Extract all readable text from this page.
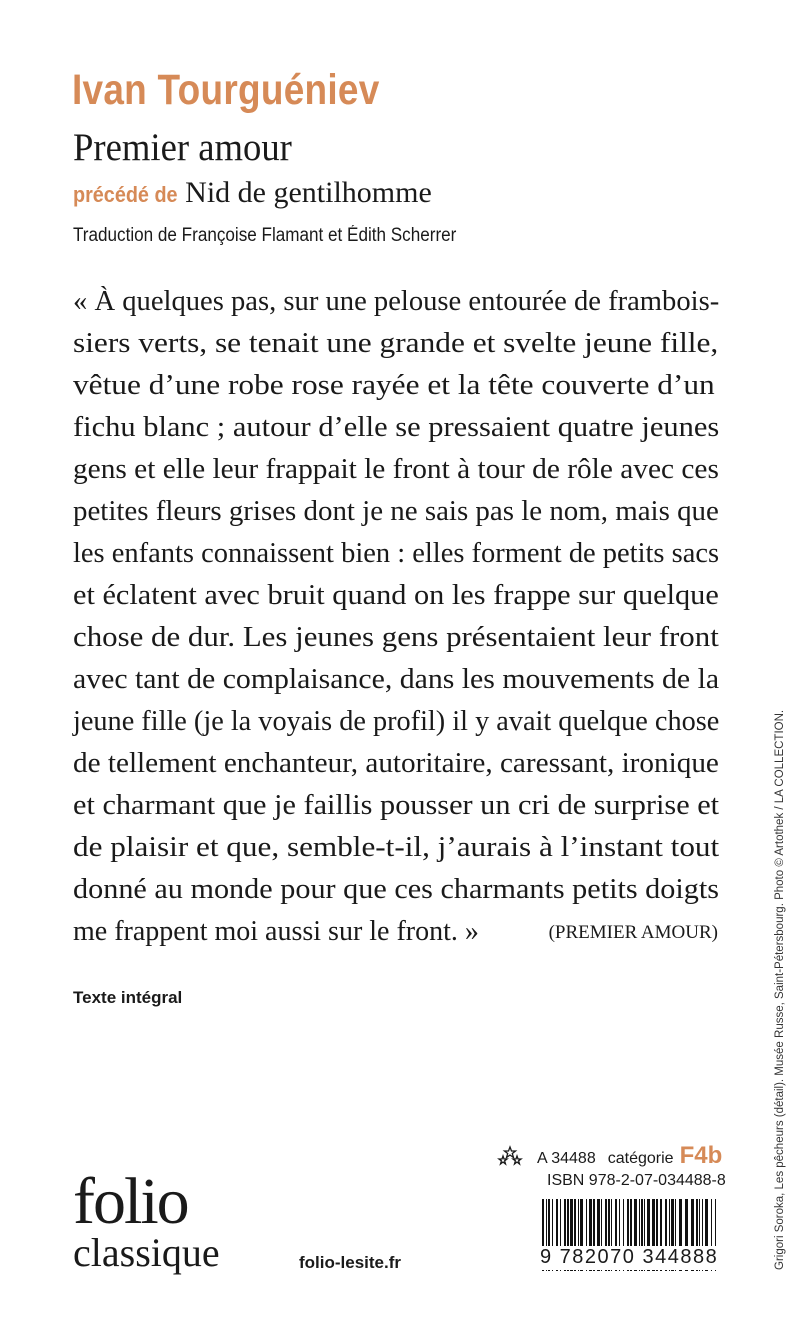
Ivan Tourguéniev
Premier amour
précédé de Nid de gentilhomme
Traduction de Françoise Flamant et Édith Scherrer
« À quelques pas, sur une pelouse entourée de frambois-
siers verts, se tenait une grande et svelte jeune fille,
vêtue d’une robe rose rayée et la tête couverte d’un
fichu blanc ; autour d’elle se pressaient quatre jeunes
gens et elle leur frappait le front à tour de rôle avec ces
petites fleurs grises dont je ne sais pas le nom, mais que
les enfants connaissent bien : elles forment de petits sacs
et éclatent avec bruit quand on les frappe sur quelque
chose de dur. Les jeunes gens présentaient leur front
avec tant de complaisance, dans les mouvements de la
jeune fille (je la voyais de profil) il y avait quelque chose
de tellement enchanteur, autoritaire, caressant, ironique
et charmant que je faillis pousser un cri de surprise et
de plaisir et que, semble-t-il, j’aurais à l’instant tout
donné au monde pour que ces charmants petits doigts
me frappent moi aussi sur le front. »	(PREMIER AMOUR)
Texte intégral
folio
classique	folio-lesite.fr
A 34488 catégorie F4b
ISBN 978-2-07-034488-8
9 782070 344888	Grigori Soroka, Les pêcheurs (détail). Musée Russe, Saint-Pétersbourg. Photo © Artothek / LA COLLECTION.
